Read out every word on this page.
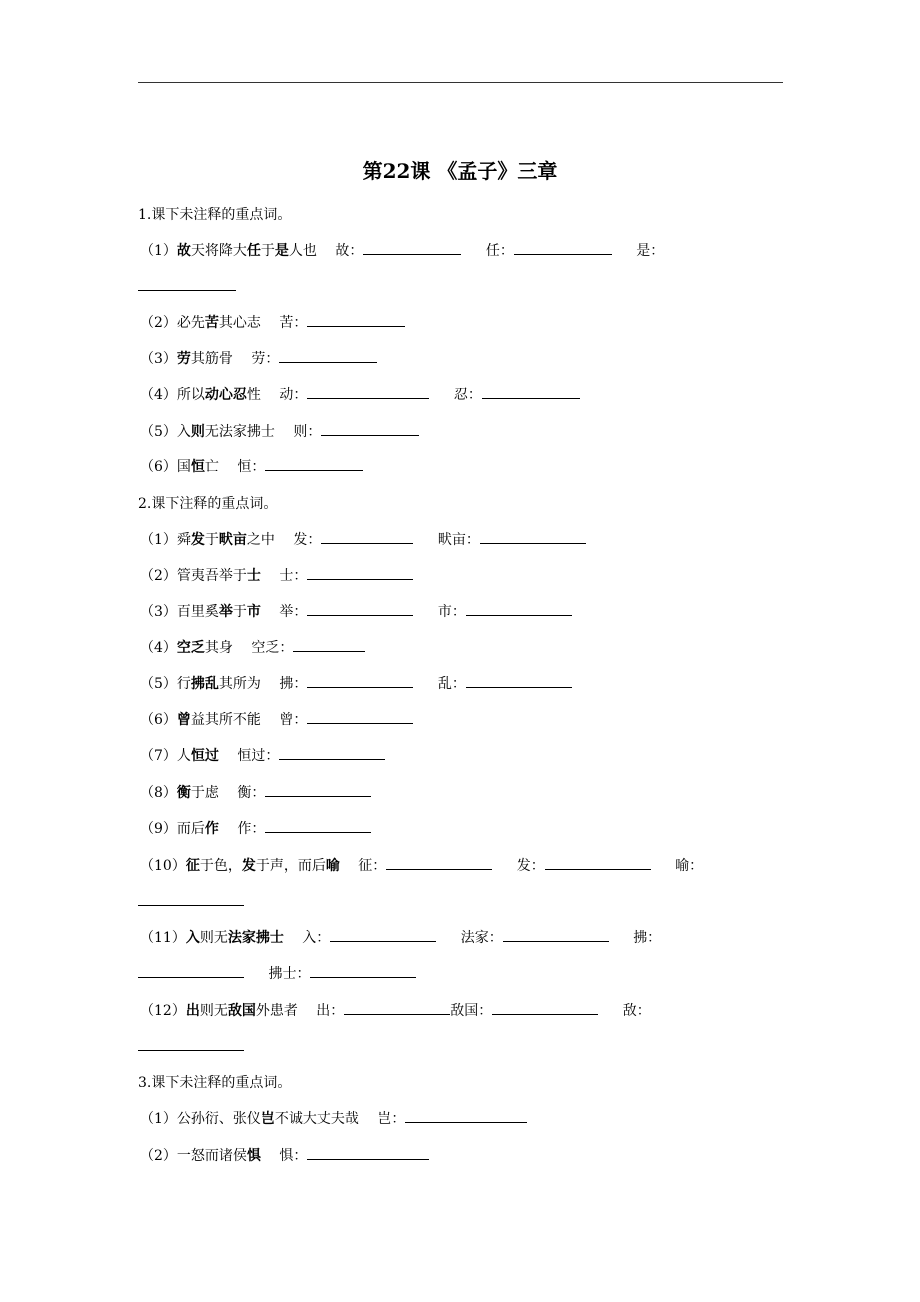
第22课 《孟子》三章
1.课下未注释的重点词。
（1）故天将降大任于是人也 故：	任：	是：
（2）必先苦其心志 苦：
（3）劳其筋骨 劳：
（4）所以动心忍性 动：	忍：
（5）入则无法家拂士 则：
（6）国恒亡 恒：
2.课下注释的重点词。
（1）舜发于畎亩之中 发：	畎亩：
（2）管夷吾举于士 士：
（3）百里奚举于市 举：	市：
（4）空乏其身 空乏：
（5）行拂乱其所为 拂：	乱：
（6）曾益其所不能 曾：
（7）人恒过 恒过：
（8）衡于虑 衡：
（9）而后作 作：
（10）征于色，发于声，而后喻 征：	发：	喻：
（11）入则无法家拂士 入：	法家：	拂：
拂士：
（12）出则无敌国外患者 出：	敌国：	敌：
3.课下未注释的重点词。
（1）公孙衍、张仪岂不诚大丈夫哉 岂：
（2）一怒而诸侯惧 惧：
